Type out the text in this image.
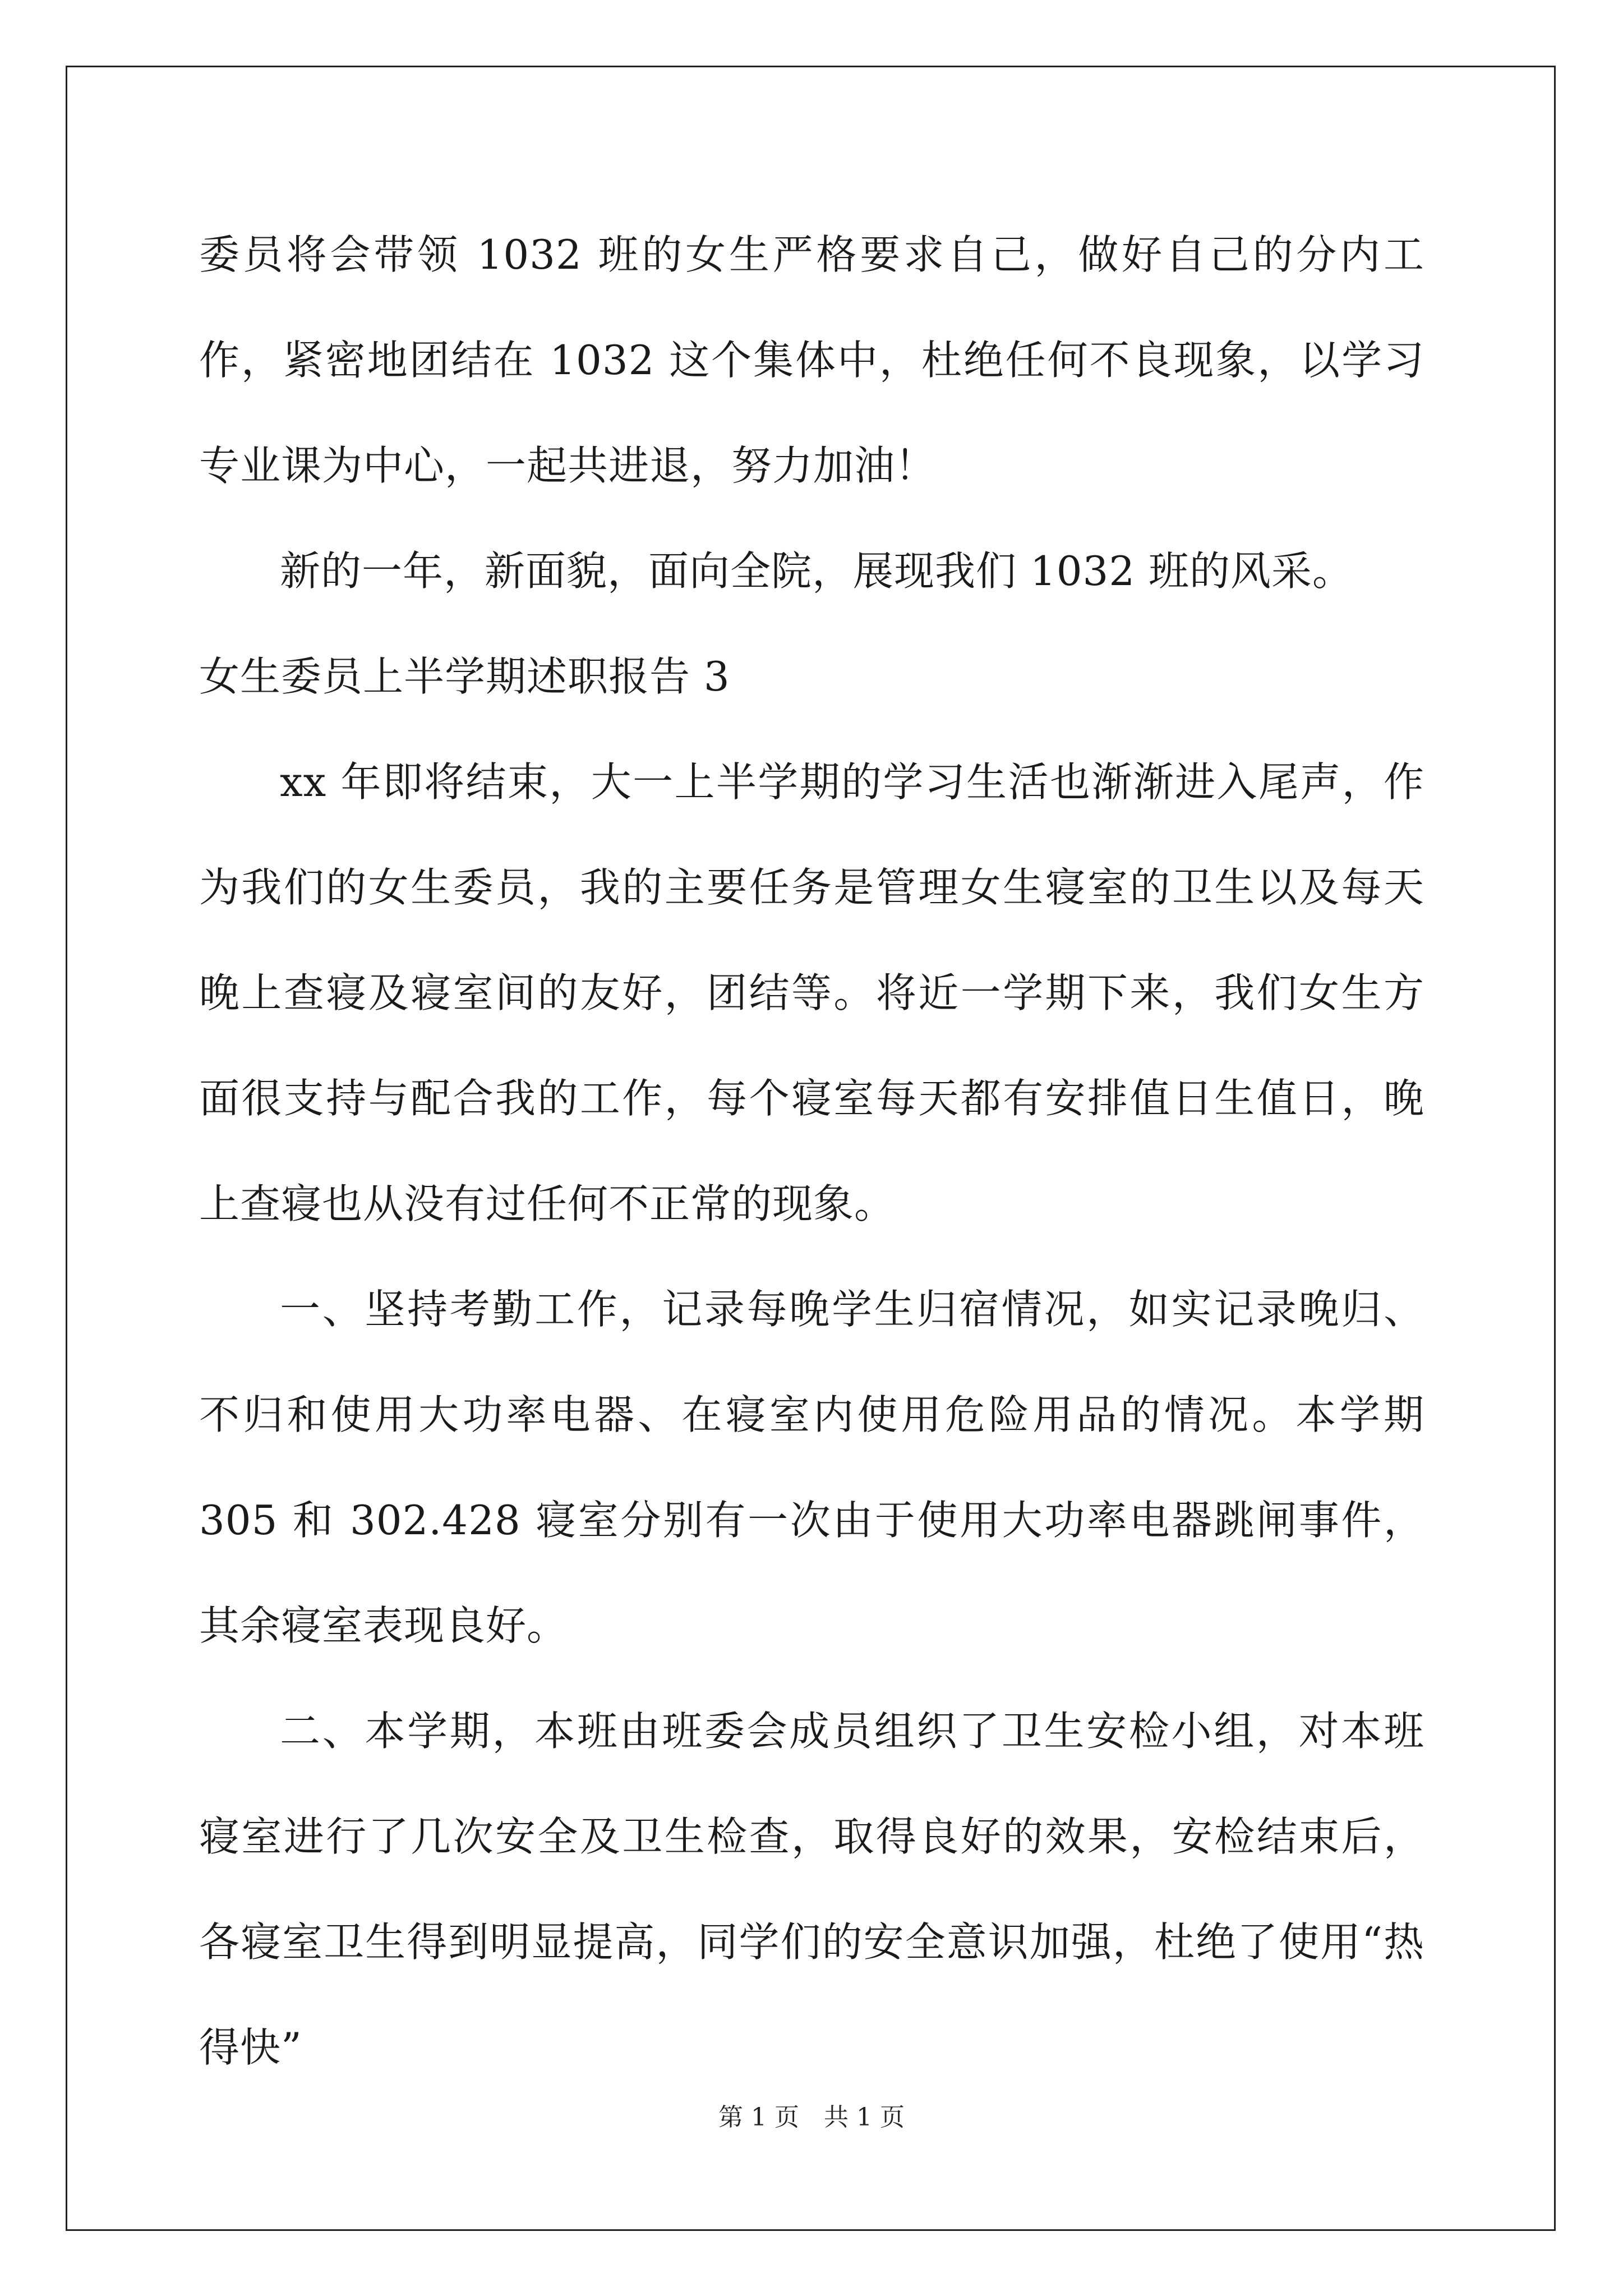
委员将会带领 1032 班的女生严格要求自己，做好自己的分内工作，紧密地团结在 1032 这个集体中，杜绝任何不良现象，以学习专业课为中心，一起共进退，努力加油！

新的一年，新面貌，面向全院，展现我们 1032 班的风采。

女生委员上半学期述职报告 3

xx 年即将结束，大一上半学期的学习生活也渐渐进入尾声，作为我们的女生委员，我的主要任务是管理女生寝室的卫生以及每天晚上查寝及寝室间的友好，团结等。将近一学期下来，我们女生方面很支持与配合我的工作，每个寝室每天都有安排值日生值日，晚上查寝也从没有过任何不正常的现象。

一、坚持考勤工作，记录每晚学生归宿情况，如实记录晚归、不归和使用大功率电器、在寝室内使用危险用品的情况。本学期 305 和 302.428 寝室分别有一次由于使用大功率电器跳闸事件，其余寝室表现良好。

二、本学期，本班由班委会成员组织了卫生安检小组，对本班寝室进行了几次安全及卫生检查，取得良好的效果，安检结束后，各寝室卫生得到明显提高，同学们的安全意识加强，杜绝了使用“热得快”

第 1 页　共 1 页
